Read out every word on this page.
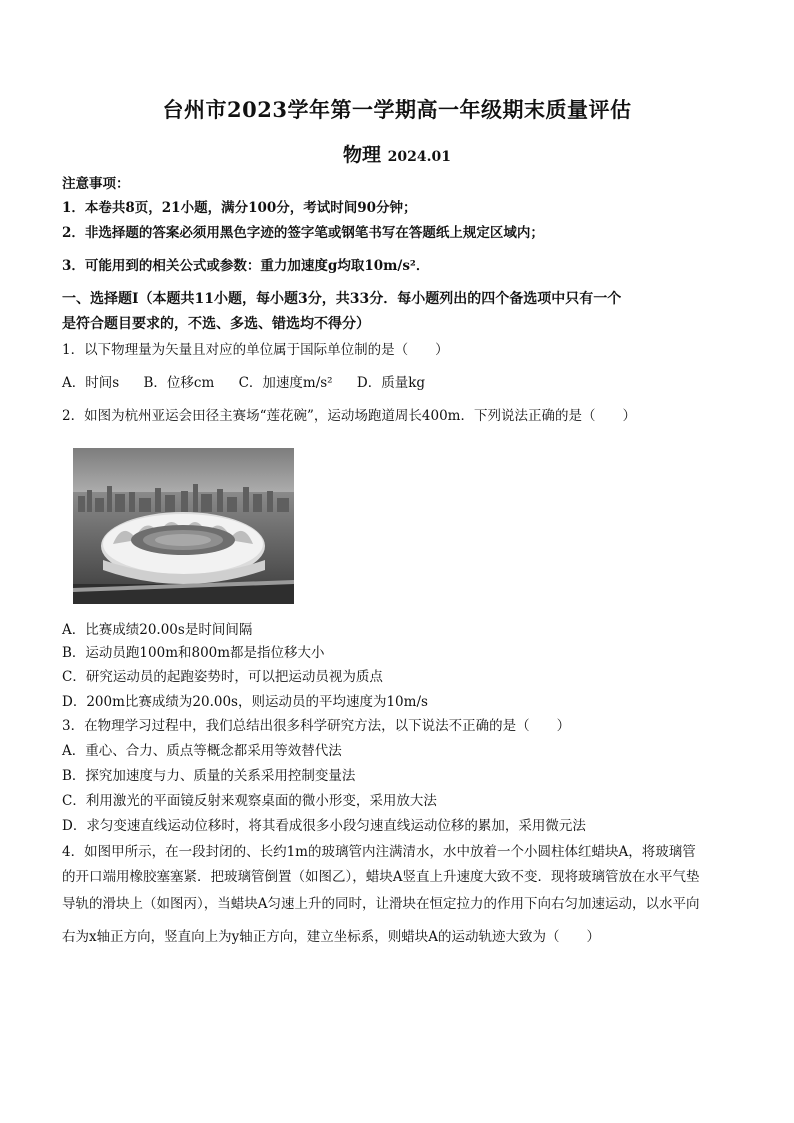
台州市2023学年第一学期高一年级期末质量评估
物理 2024.01
注意事项：
1．本卷共8页，21小题，满分100分，考试时间90分钟；
2．非选择题的答案必须用黑色字迹的签字笔或钢笔书写在答题纸上规定区域内；
3．可能用到的相关公式或参数：重力加速度g均取10m/s²．
一、选择题Ⅰ（本题共11小题，每小题3分，共33分．每小题列出的四个备选项中只有一个
是符合题目要求的，不选、多选、错选均不得分）
1．以下物理量为矢量且对应的单位属于国际单位制的是（　　）
A．时间s B．位移cm C．加速度m/s² D．质量kg
2．如图为杭州亚运会田径主赛场“莲花碗”，运动场跑道周长400m．下列说法正确的是（　　）
A．比赛成绩20.00s是时间间隔
B．运动员跑100m和800m都是指位移大小
C．研究运动员的起跑姿势时，可以把运动员视为质点
D．200m比赛成绩为20.00s，则运动员的平均速度为10m/s
3．在物理学习过程中，我们总结出很多科学研究方法，以下说法不正确的是（　　）
A．重心、合力、质点等概念都采用等效替代法
B．探究加速度与力、质量的关系采用控制变量法
C．利用激光的平面镜反射来观察桌面的微小形变，采用放大法
D．求匀变速直线运动位移时，将其看成很多小段匀速直线运动位移的累加，采用微元法
4．如图甲所示，在一段封闭的、长约1m的玻璃管内注满清水，水中放着一个小圆柱体红蜡块A，将玻璃管
的开口端用橡胶塞塞紧．把玻璃管倒置（如图乙），蜡块A竖直上升速度大致不变．现将玻璃管放在水平气垫
导轨的滑块上（如图丙），当蜡块A匀速上升的同时，让滑块在恒定拉力的作用下向右匀加速运动，以水平向
右为x轴正方向，竖直向上为y轴正方向，建立坐标系，则蜡块A的运动轨迹大致为（　　）
